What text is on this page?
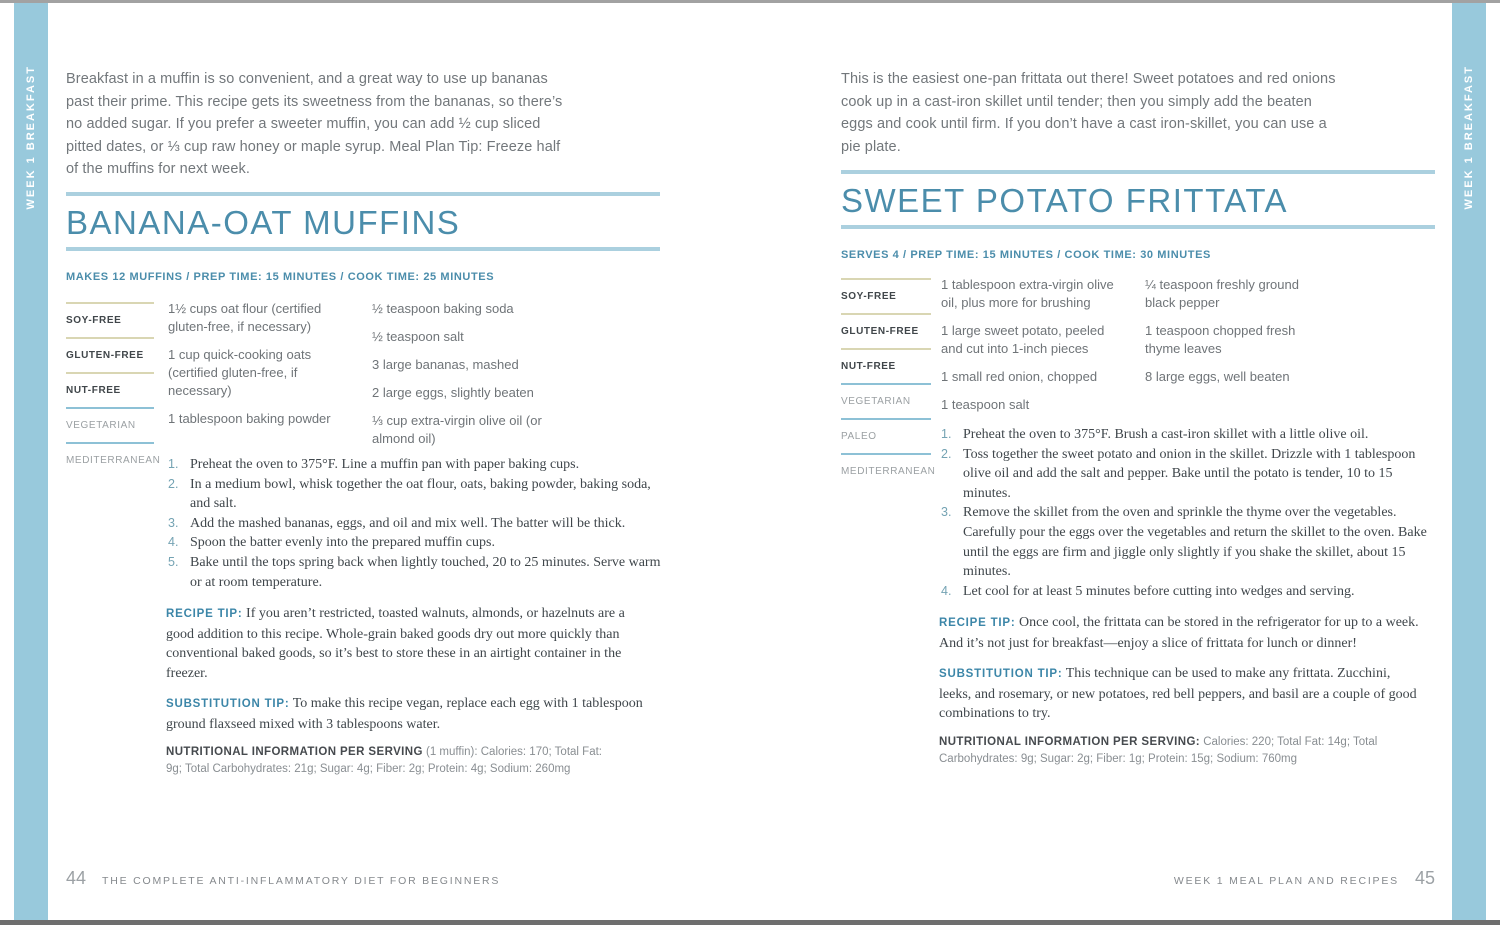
WEEK 1 BREAKFAST	WEEK 1 BREAKFAST

Breakfast in a muffin is so convenient, and a great way to use up bananas past their prime. This recipe gets its sweetness from the bananas, so there’s no added sugar. If you prefer a sweeter muffin, you can add ½ cup sliced pitted dates, or ⅓ cup raw honey or maple syrup. Meal Plan Tip: Freeze half of the muffins for next week.

BANANA-OAT MUFFINS
MAKES 12 MUFFINS / PREP TIME: 15 MINUTES / COOK TIME: 25 MINUTES
SOY-FREE
GLUTEN-FREE
NUT-FREE
VEGETARIAN
MEDITERRANEAN
1½ cups oat flour (certified gluten-free, if necessary)
1 cup quick-cooking oats (certified gluten-free, if necessary)
1 tablespoon baking powder
½ teaspoon baking soda
½ teaspoon salt
3 large bananas, mashed
2 large eggs, slightly beaten
⅓ cup extra-virgin olive oil (or almond oil)
Preheat the oven to 375°F. Line a muffin pan with paper baking cups.
In a medium bowl, whisk together the oat flour, oats, baking powder, baking soda, and salt.
Add the mashed bananas, eggs, and oil and mix well. The batter will be thick.
Spoon the batter evenly into the prepared muffin cups.
Bake until the tops spring back when lightly touched, 20 to 25 minutes. Serve warm or at room temperature.

RECIPE TIP: If you aren’t restricted, toasted walnuts, almonds, or hazelnuts are a good addition to this recipe. Whole-grain baked goods dry out more quickly than conventional baked goods, so it’s best to store these in an airtight container in the freezer.

SUBSTITUTION TIP: To make this recipe vegan, replace each egg with 1 tablespoon ground flaxseed mixed with 3 tablespoons water.

NUTRITIONAL INFORMATION PER SERVING (1 muffin): Calories: 170; Total Fat: 9g; Total Carbohydrates: 21g; Sugar: 4g; Fiber: 2g; Protein: 4g; Sodium: 260mg

44 THE COMPLETE ANTI-INFLAMMATORY DIET FOR BEGINNERS

This is the easiest one-pan frittata out there! Sweet potatoes and red onions cook up in a cast-iron skillet until tender; then you simply add the beaten eggs and cook until firm. If you don’t have a cast iron-skillet, you can use a pie plate.

SWEET POTATO FRITTATA
SERVES 4 / PREP TIME: 15 MINUTES / COOK TIME: 30 MINUTES
SOY-FREE
GLUTEN-FREE
NUT-FREE
VEGETARIAN
PALEO
MEDITERRANEAN
1 tablespoon extra-virgin olive oil, plus more for brushing
1 large sweet potato, peeled and cut into 1-inch pieces
1 small red onion, chopped
1 teaspoon salt
¼ teaspoon freshly ground black pepper
1 teaspoon chopped fresh thyme leaves
8 large eggs, well beaten
Preheat the oven to 375°F. Brush a cast-iron skillet with a little olive oil.
Toss together the sweet potato and onion in the skillet. Drizzle with 1 tablespoon olive oil and add the salt and pepper. Bake until the potato is tender, 10 to 15 minutes.
Remove the skillet from the oven and sprinkle the thyme over the vegetables. Carefully pour the eggs over the vegetables and return the skillet to the oven. Bake until the eggs are firm and jiggle only slightly if you shake the skillet, about 15 minutes.
Let cool for at least 5 minutes before cutting into wedges and serving.

RECIPE TIP: Once cool, the frittata can be stored in the refrigerator for up to a week. And it’s not just for breakfast—enjoy a slice of frittata for lunch or dinner!

SUBSTITUTION TIP: This technique can be used to make any frittata. Zucchini, leeks, and rosemary, or new potatoes, red bell peppers, and basil are a couple of good combinations to try.

NUTRITIONAL INFORMATION PER SERVING: Calories: 220; Total Fat: 14g; Total Carbohydrates: 9g; Sugar: 2g; Fiber: 1g; Protein: 15g; Sodium: 760mg

WEEK 1 MEAL PLAN AND RECIPES 45
